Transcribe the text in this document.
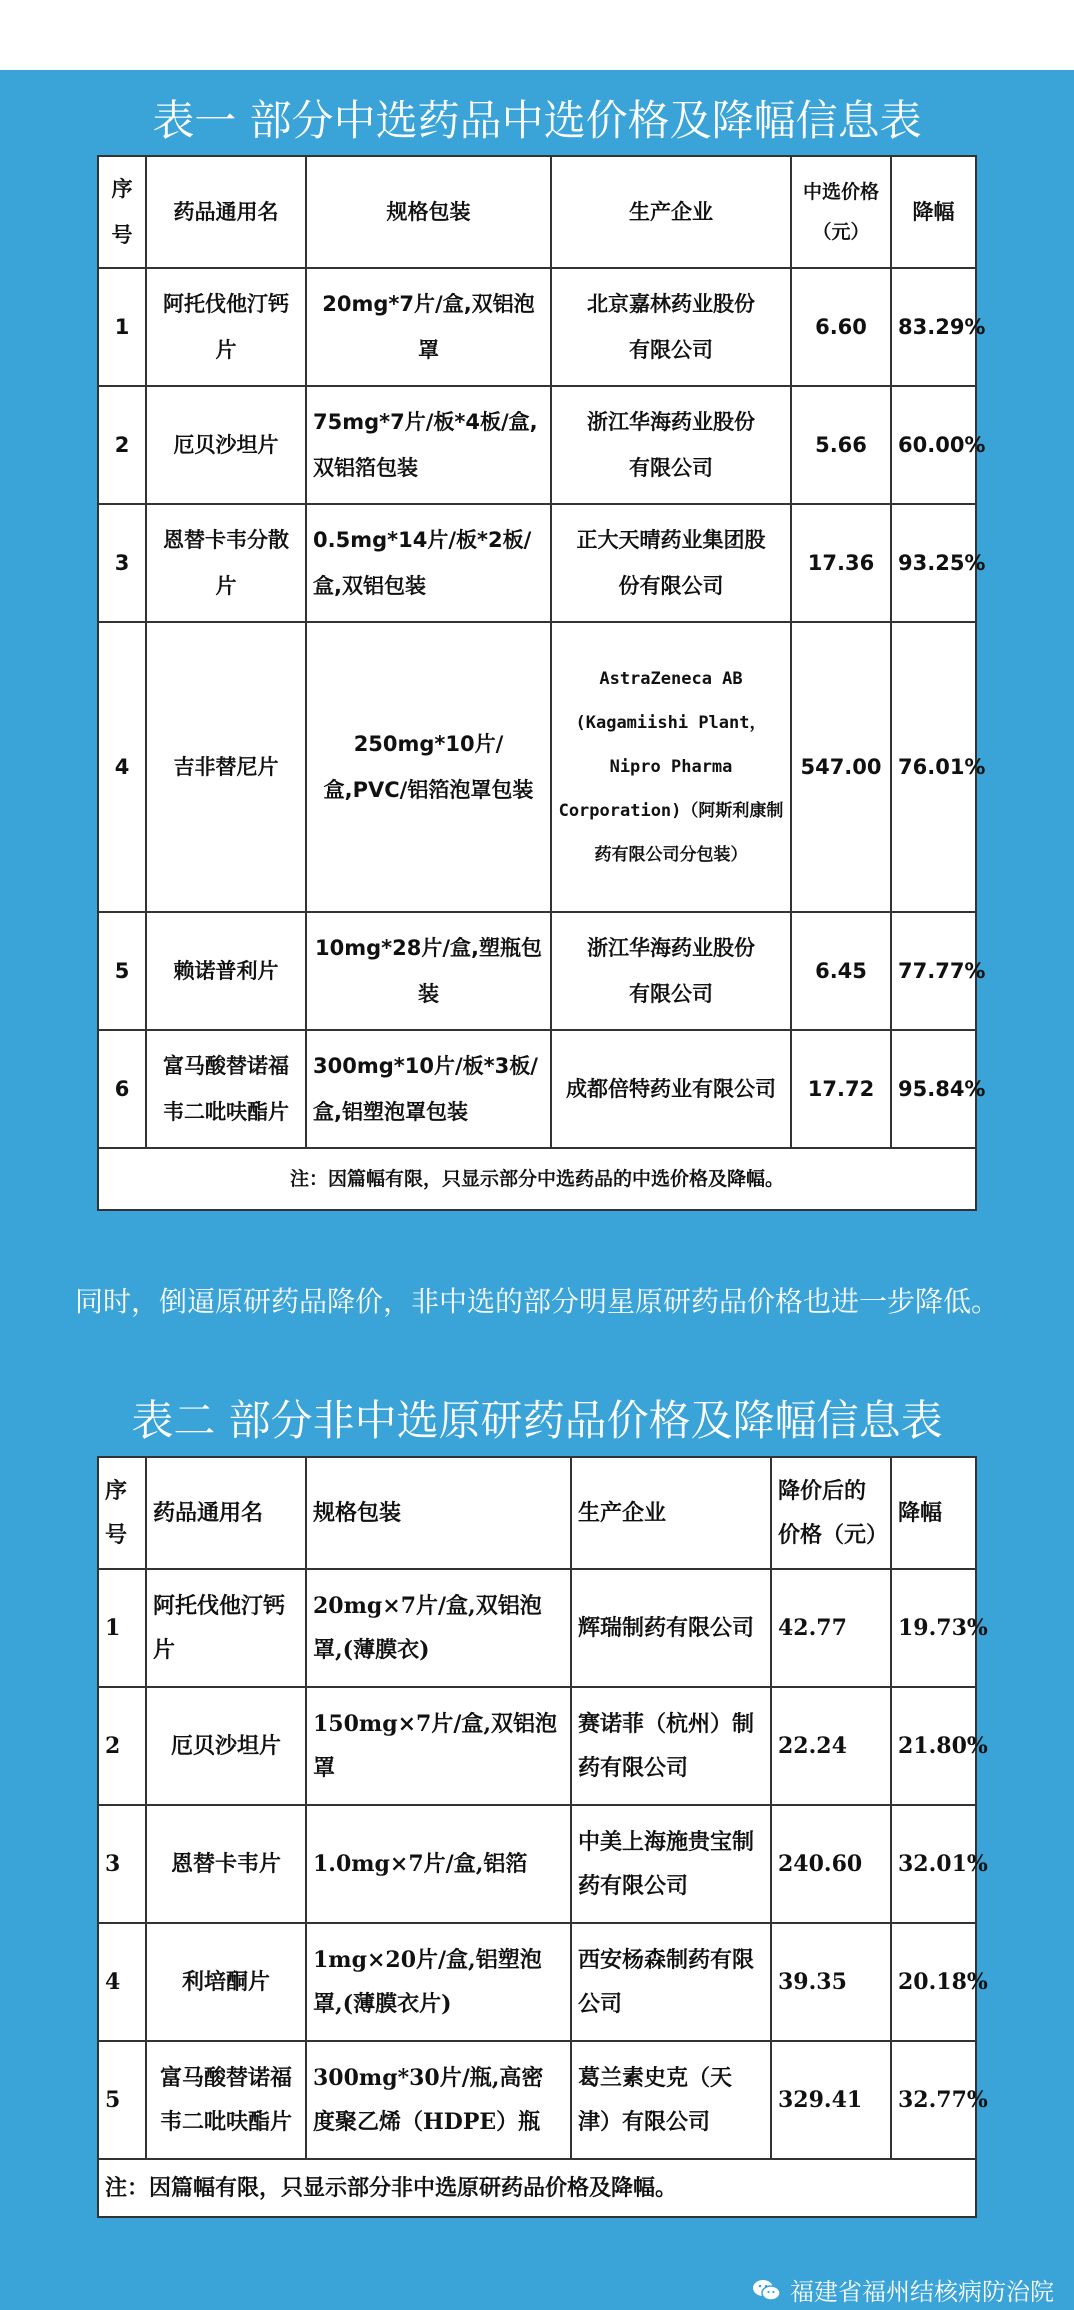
表一 部分中选药品中选价格及降幅信息表
序号	药品通用名	规格包装	生产企业	中选价格（元）	降幅
1	阿托伐他汀钙片	20mg*7片/盒,双铝泡罩	北京嘉林药业股份有限公司	6.60	83.29%
2	厄贝沙坦片	75mg*7片/板*4板/盒,双铝箔包装	浙江华海药业股份有限公司	5.66	60.00%
3	恩替卡韦分散片	0.5mg*14片/板*2板/盒,双铝包装	正大天晴药业集团股份有限公司	17.36	93.25%
4	吉非替尼片	250mg*10片/盒,PVC/铝箔泡罩包装	AstraZeneca AB (Kagamiishi Plant，Nipro Pharma Corporation)（阿斯利康制药有限公司分包装）	547.00	76.01%
5	赖诺普利片	10mg*28片/盒,塑瓶包装	浙江华海药业股份有限公司	6.45	77.77%
6	富马酸替诺福韦二吡呋酯片	300mg*10片/板*3板/盒,铝塑泡罩包装	成都倍特药业有限公司	17.72	95.84%
注：因篇幅有限，只显示部分中选药品的中选价格及降幅。					
同时，倒逼原研药品降价，非中选的部分明星原研药品价格也进一步降低。
表二 部分非中选原研药品价格及降幅信息表
序号	药品通用名	规格包装	生产企业	降价后的价格（元）	降幅
1	阿托伐他汀钙片	20mg×7片/盒,双铝泡罩,(薄膜衣)	辉瑞制药有限公司	42.77	19.73%
2	厄贝沙坦片	150mg×7片/盒,双铝泡罩	赛诺菲（杭州）制药有限公司	22.24	21.80%
3	恩替卡韦片	1.0mg×7片/盒,铝箔	中美上海施贵宝制药有限公司	240.60	32.01%
4	利培酮片	1mg×20片/盒,铝塑泡罩,(薄膜衣片)	西安杨森制药有限公司	39.35	20.18%
5	富马酸替诺福韦二吡呋酯片	300mg*30片/瓶,高密度聚乙烯（HDPE）瓶	葛兰素史克（天津）有限公司	329.41	32.77%
注：因篇幅有限，只显示部分非中选原研药品价格及降幅。					
福建省福州结核病防治院
